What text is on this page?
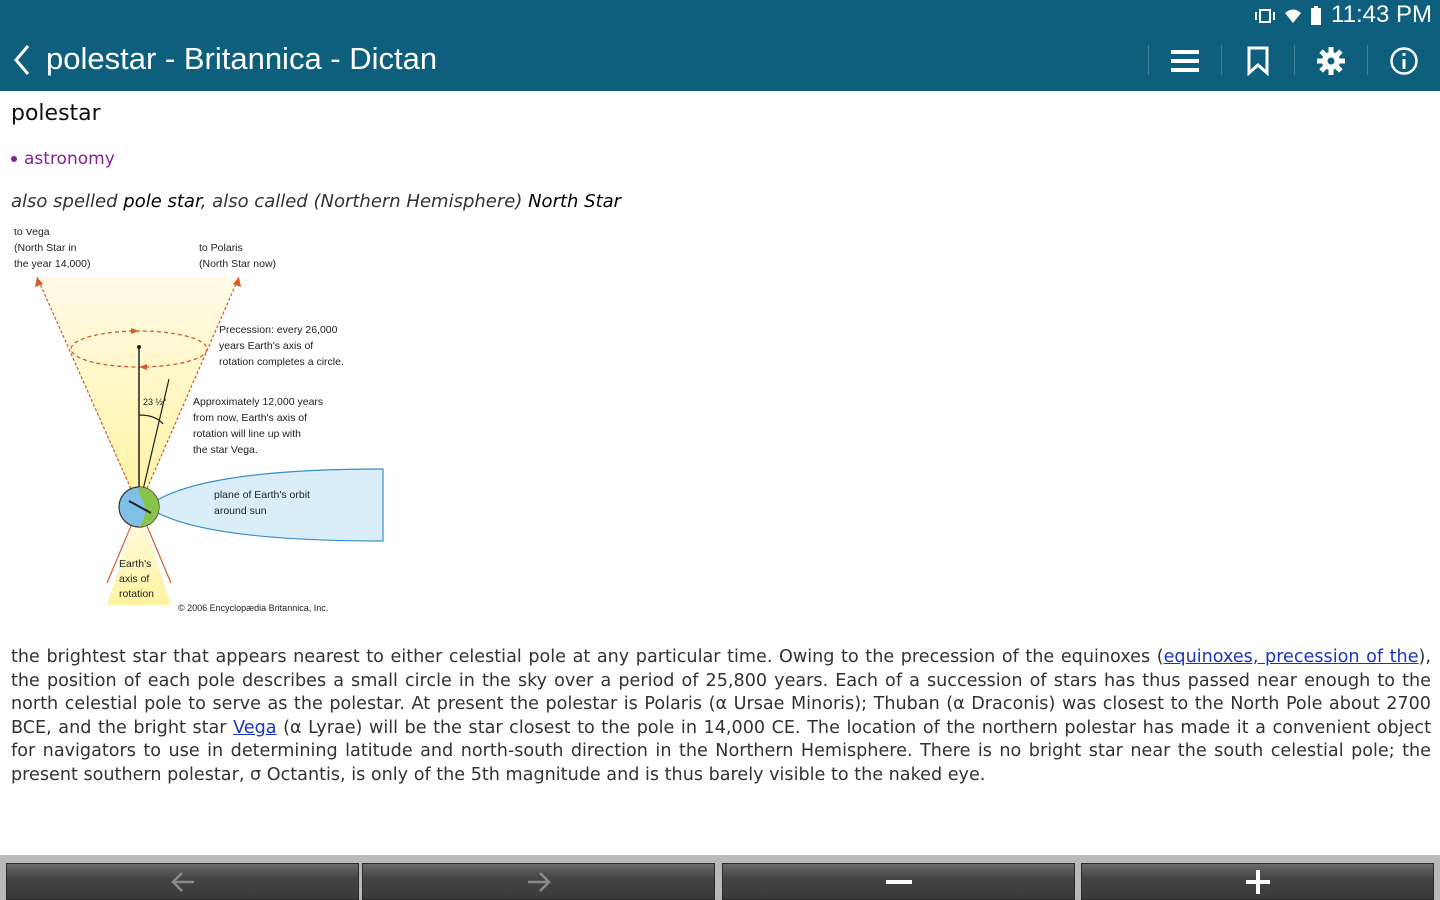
11:43 PM
polestar - Britannica - Dictan
polestar
astronomy
also spelled pole star, also called (Northern Hemisphere) North Star
to Vega
(North Star in
the year 14,000)
to Polaris
(North Star now)
Precession: every 26,000
years Earth's axis of
rotation completes a circle.
23 ½°	Approximately 12,000 years
from now, Earth's axis of
rotation will line up with
the star Vega.
plane of Earth's orbit
around sun
Earth's
axis of
rotation
© 2006 Encyclopædia Britannica, Inc.
the brightest star that appears nearest to either celestial pole at any particular time. Owing to the precession of the equinoxes (equinoxes, precession of the), the position of each pole describes a small circle in the sky over a period of 25,800 years. Each of a succession of stars has thus passed near enough to the north celestial pole to serve as the polestar. At present the polestar is Polaris (α Ursae Minoris); Thuban (α Draconis) was closest to the North Pole about 2700 BCE, and the bright star Vega (α Lyrae) will be the star closest to the pole in 14,000 CE. The location of the northern polestar has made it a convenient object for navigators to use in determining latitude and north-south direction in the Northern Hemisphere. There is no bright star near the south celestial pole; the present southern polestar, σ Octantis, is only of the 5th magnitude and is thus barely visible to the naked eye.
